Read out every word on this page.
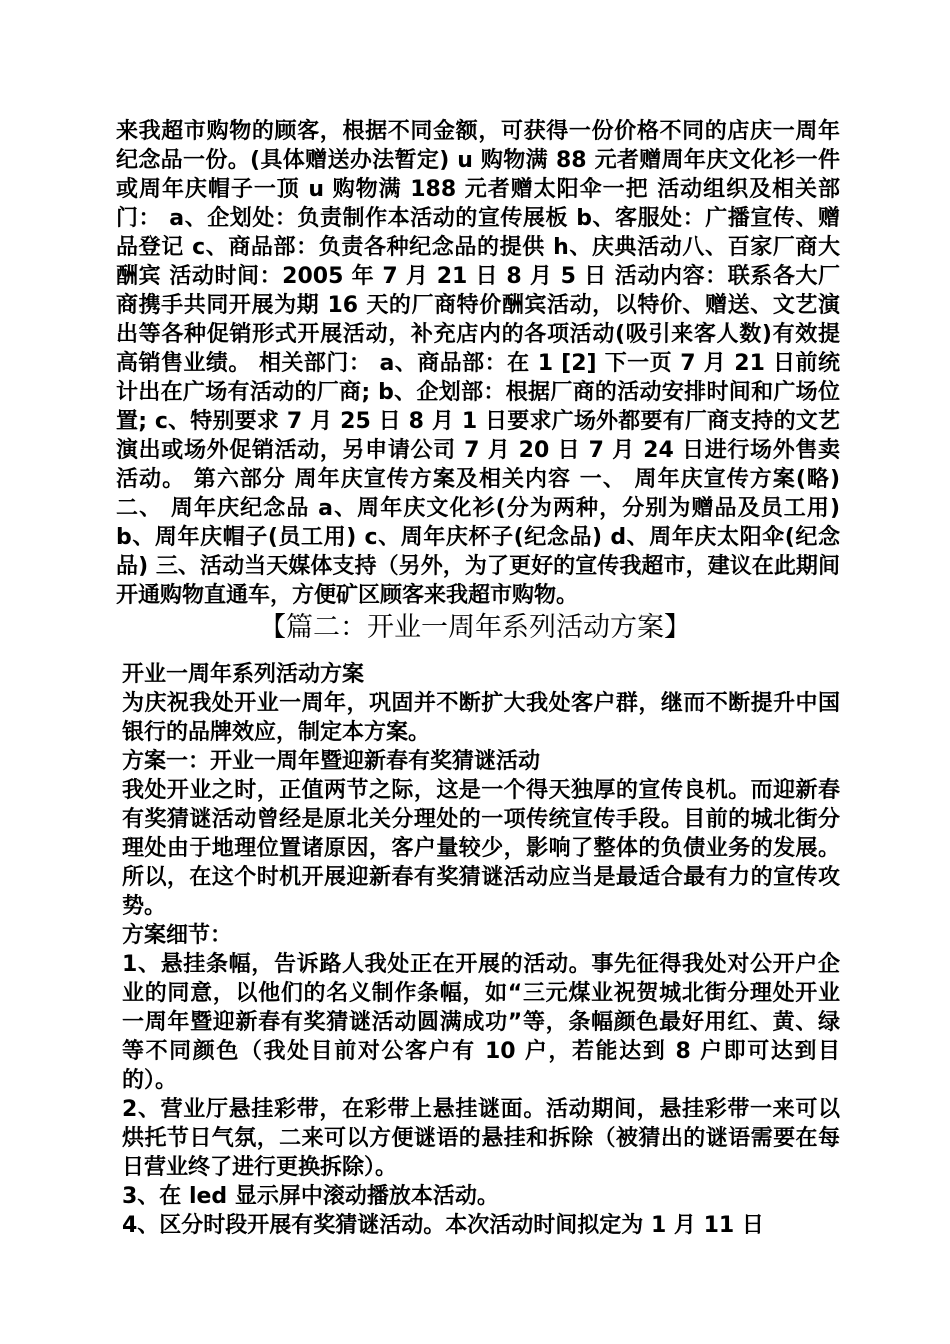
来我超市购物的顾客，根据不同金额，可获得一份价格不同的店庆一周年纪念品一份。(具体赠送办法暂定) u 购物满 88 元者赠周年庆文化衫一件或周年庆帽子一顶 u 购物满 188 元者赠太阳伞一把 活动组织及相关部门： a、企划处：负责制作本活动的宣传展板 b、客服处：广播宣传、赠品登记 c、商品部：负责各种纪念品的提供 h、庆典活动八、百家厂商大酬宾 活动时间：2005 年 7 月 21 日 8 月 5 日 活动内容：联系各大厂商携手共同开展为期 16 天的厂商特价酬宾活动，以特价、赠送、文艺演出等各种促销形式开展活动，补充店内的各项活动(吸引来客人数)有效提高销售业绩。 相关部门： a、商品部：在 1 [2] 下一页 7 月 21 日前统计出在广场有活动的厂商; b、企划部：根据厂商的活动安排时间和广场位置; c、特别要求 7 月 25 日 8 月 1 日要求广场外都要有厂商支持的文艺演出或场外促销活动，另申请公司 7 月 20 日 7 月 24 日进行场外售卖活动。 第六部分 周年庆宣传方案及相关内容 一、 周年庆宣传方案(略) 二、 周年庆纪念品 a、周年庆文化衫(分为两种，分别为赠品及员工用) b、周年庆帽子(员工用) c、周年庆杯子(纪念品) d、周年庆太阳伞(纪念品) 三、活动当天媒体支持（另外，为了更好的宣传我超市，建议在此期间开通购物直通车，方便矿区顾客来我超市购物。

【篇二：开业一周年系列活动方案】

开业一周年系列活动方案

为庆祝我处开业一周年，巩固并不断扩大我处客户群，继而不断提升中国银行的品牌效应，制定本方案。

方案一：开业一周年暨迎新春有奖猜谜活动

我处开业之时，正值两节之际，这是一个得天独厚的宣传良机。而迎新春有奖猜谜活动曾经是原北关分理处的一项传统宣传手段。目前的城北街分理处由于地理位置诸原因，客户量较少，影响了整体的负债业务的发展。所以，在这个时机开展迎新春有奖猜谜活动应当是最适合最有力的宣传攻势。

方案细节：

1、悬挂条幅，告诉路人我处正在开展的活动。事先征得我处对公开户企业的同意，以他们的名义制作条幅，如“三元煤业祝贺城北街分理处开业一周年暨迎新春有奖猜谜活动圆满成功”等，条幅颜色最好用红、黄、绿等不同颜色（我处目前对公客户有 10 户，若能达到 8 户即可达到目的）。

2、营业厅悬挂彩带，在彩带上悬挂谜面。活动期间，悬挂彩带一来可以烘托节日气氛，二来可以方便谜语的悬挂和拆除（被猜出的谜语需要在每日营业终了进行更换拆除）。

3、在 led 显示屏中滚动播放本活动。

4、区分时段开展有奖猜谜活动。本次活动时间拟定为 1 月 11 日
